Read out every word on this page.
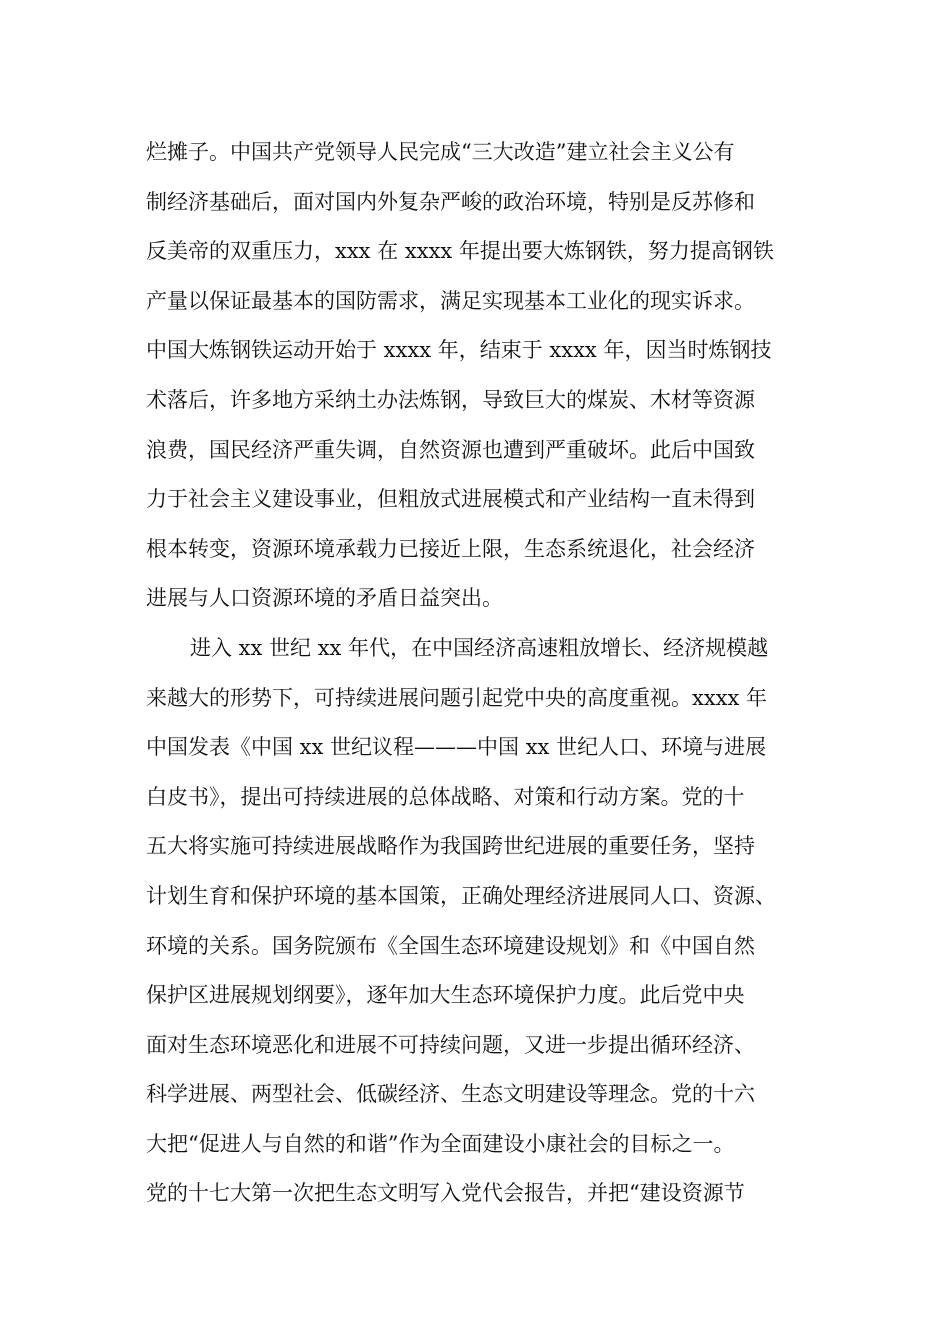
烂摊子。中国共产党领导人民完成“三大改造”建立社会主义公有
制经济基础后，面对国内外复杂严峻的政治环境，特别是反苏修和
反美帝的双重压力，xxx 在 xxxx 年提出要大炼钢铁，努力提高钢铁
产量以保证最基本的国防需求，满足实现基本工业化的现实诉求。
中国大炼钢铁运动开始于 xxxx 年，结束于 xxxx 年，因当时炼钢技
术落后，许多地方采纳土办法炼钢，导致巨大的煤炭、木材等资源
浪费，国民经济严重失调，自然资源也遭到严重破坏。此后中国致
力于社会主义建设事业，但粗放式进展模式和产业结构一直未得到
根本转变，资源环境承载力已接近上限，生态系统退化，社会经济
进展与人口资源环境的矛盾日益突出。
进入 xx 世纪 xx 年代，在中国经济高速粗放增长、经济规模越
来越大的形势下，可持续进展问题引起党中央的高度重视。xxxx 年
中国发表《中国 xx 世纪议程———中国 xx 世纪人口、环境与进展
白皮书》，提出可持续进展的总体战略、对策和行动方案。党的十
五大将实施可持续进展战略作为我国跨世纪进展的重要任务，坚持
计划生育和保护环境的基本国策，正确处理经济进展同人口、资源、
环境的关系。国务院颁布《全国生态环境建设规划》和《中国自然
保护区进展规划纲要》，逐年加大生态环境保护力度。此后党中央
面对生态环境恶化和进展不可持续问题，又进一步提出循环经济、
科学进展、两型社会、低碳经济、生态文明建设等理念。党的十六
大把“促进人与自然的和谐”作为全面建设小康社会的目标之一。
党的十七大第一次把生态文明写入党代会报告，并把“建设资源节
